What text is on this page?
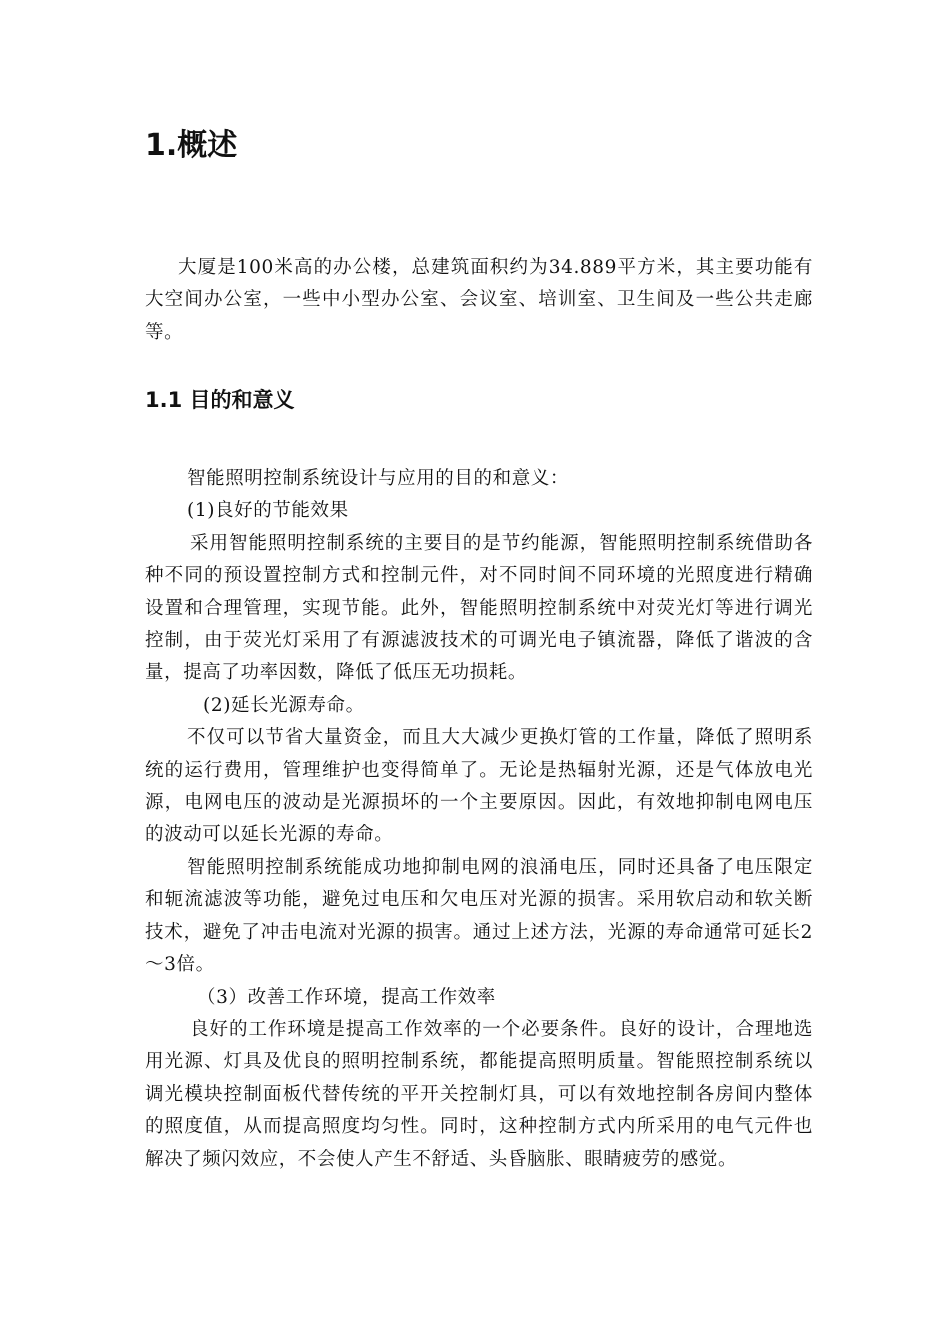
1.概述

大厦是100米高的办公楼，总建筑面积约为34.889平方米，其主要功能有大空间办公室，一些中小型办公室、会议室、培训室、卫生间及一些公共走廊等。

1.1 目的和意义

智能照明控制系统设计与应用的目的和意义：

(1)良好的节能效果

采用智能照明控制系统的主要目的是节约能源，智能照明控制系统借助各种不同的预设置控制方式和控制元件，对不同时间不同环境的光照度进行精确设置和合理管理，实现节能。此外，智能照明控制系统中对荧光灯等进行调光控制，由于荧光灯采用了有源滤波技术的可调光电子镇流器，降低了谐波的含量，提高了功率因数，降低了低压无功损耗。

(2)延长光源寿命。

不仅可以节省大量资金，而且大大减少更换灯管的工作量，降低了照明系统的运行费用，管理维护也变得简单了。无论是热辐射光源，还是气体放电光源，电网电压的波动是光源损坏的一个主要原因。因此，有效地抑制电网电压的波动可以延长光源的寿命。

智能照明控制系统能成功地抑制电网的浪涌电压，同时还具备了电压限定和轭流滤波等功能，避免过电压和欠电压对光源的损害。采用软启动和软关断技术，避免了冲击电流对光源的损害。通过上述方法，光源的寿命通常可延长2～3倍。

（3）改善工作环境，提高工作效率

良好的工作环境是提高工作效率的一个必要条件。良好的设计，合理地选用光源、灯具及优良的照明控制系统，都能提高照明质量。智能照控制系统以调光模块控制面板代替传统的平开关控制灯具，可以有效地控制各房间内整体的照度值，从而提高照度均匀性。同时，这种控制方式内所采用的电气元件也解决了频闪效应，不会使人产生不舒适、头昏脑胀、眼睛疲劳的感觉。
